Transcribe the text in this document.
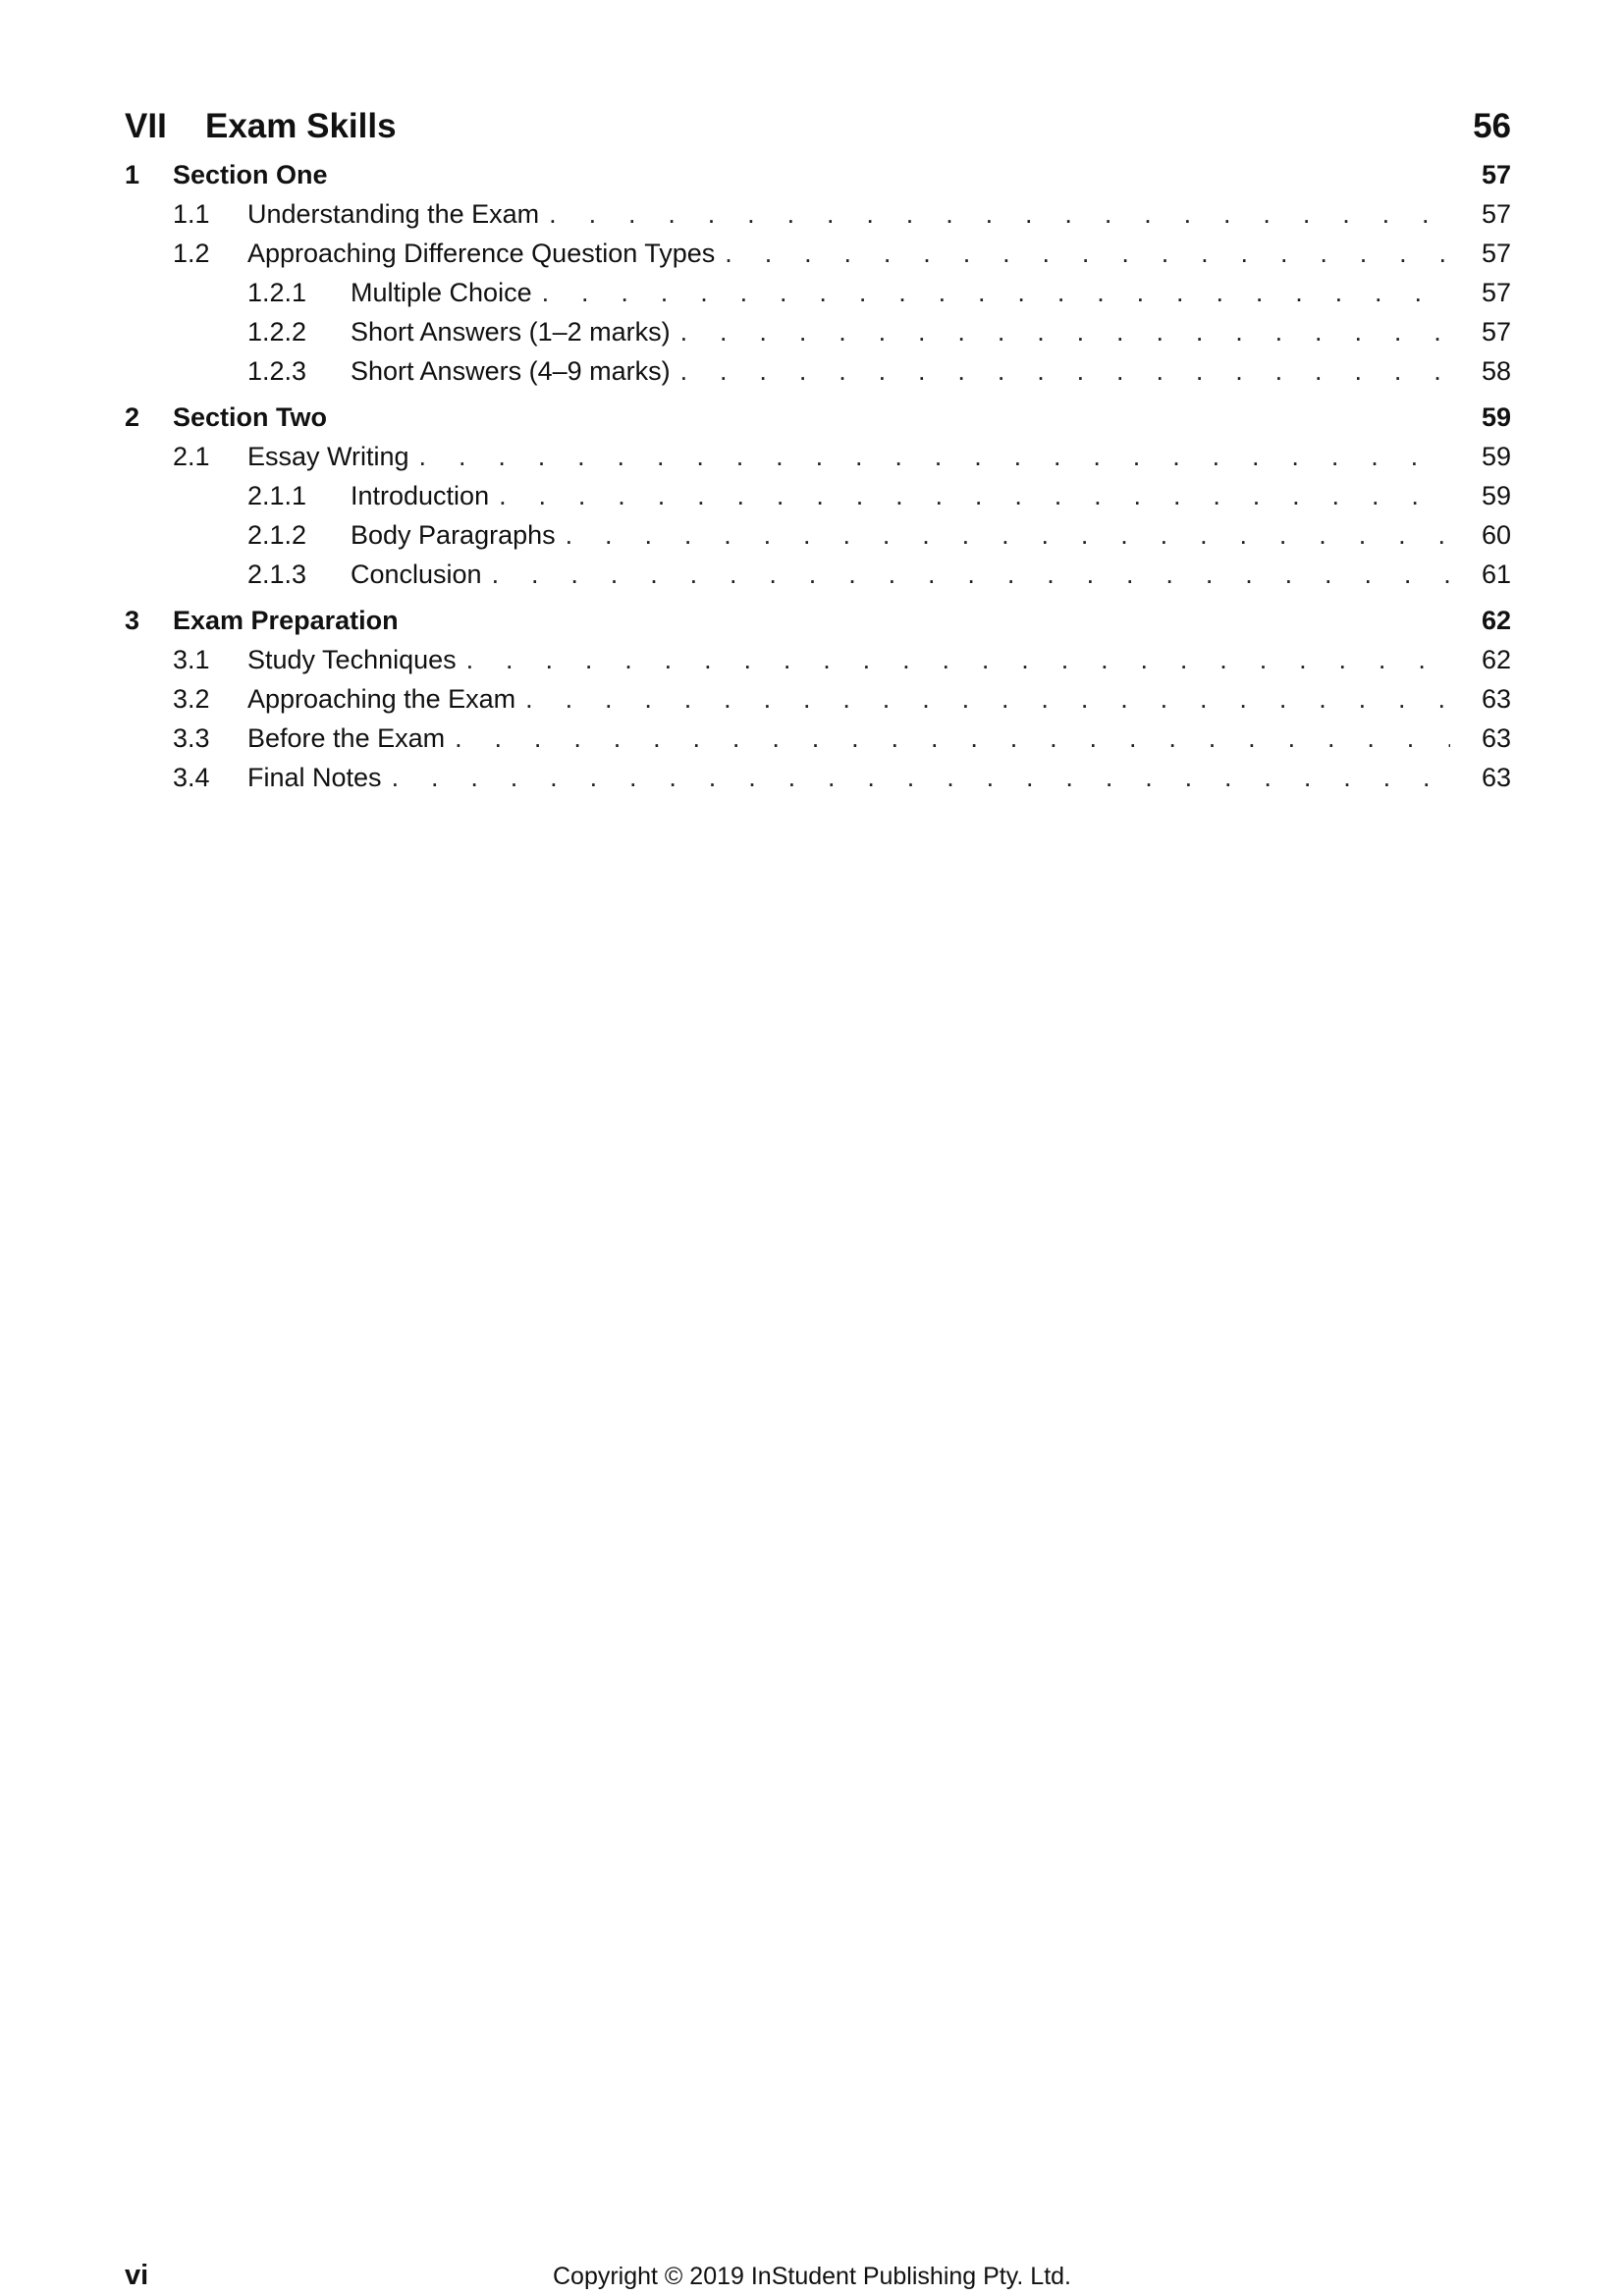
VII Exam Skills	56
1 Section One	57
1.1 Understanding the Exam . . .	57
1.2 Approaching Difference Question Types . . .	57
1.2.1 Multiple Choice . . .	57
1.2.2 Short Answers (1–2 marks) . . .	57
1.2.3 Short Answers (4–9 marks) . . .	58
2 Section Two	59
2.1 Essay Writing . . .	59
2.1.1 Introduction . . .	59
2.1.2 Body Paragraphs . . .	60
2.1.3 Conclusion . . .	61
3 Exam Preparation	62
3.1 Study Techniques . . .	62
3.2 Approaching the Exam . . .	63
3.3 Before the Exam . . .	63
3.4 Final Notes . . .	63
vi	Copyright © 2019 InStudent Publishing Pty. Ltd.
